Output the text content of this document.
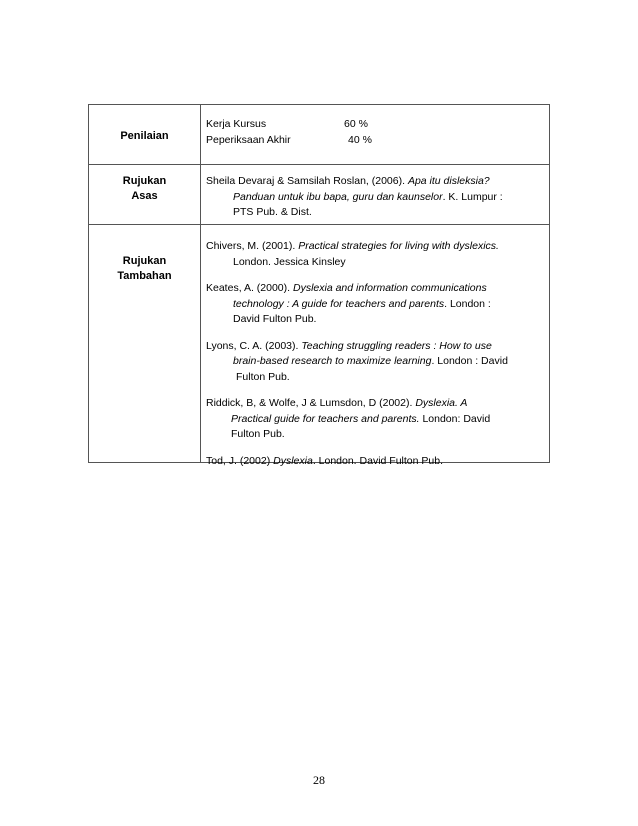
Penilaian
Kerja Kursus	60 %
Peperiksaan Akhir	40 %
Rujukan
Asas
Sheila Devaraj & Samsilah Roslan, (2006). Apa itu disleksia?
Panduan untuk ibu bapa, guru dan kaunselor. K. Lumpur :
PTS Pub. & Dist.
Rujukan
Tambahan
Chivers, M. (2001). Practical strategies for living with dyslexics.
London. Jessica Kinsley
Keates, A. (2000). Dyslexia and information communications
technology : A guide for teachers and parents. London :
David Fulton Pub.
Lyons, C. A. (2003). Teaching struggling readers : How to use
brain-based research to maximize learning. London : David
Fulton Pub.
Riddick, B, & Wolfe, J & Lumsdon, D (2002). Dyslexia. A
Practical guide for teachers and parents. London: David
Fulton Pub.
Tod, J. (2002) Dyslexia. London. David Fulton Pub.
28
